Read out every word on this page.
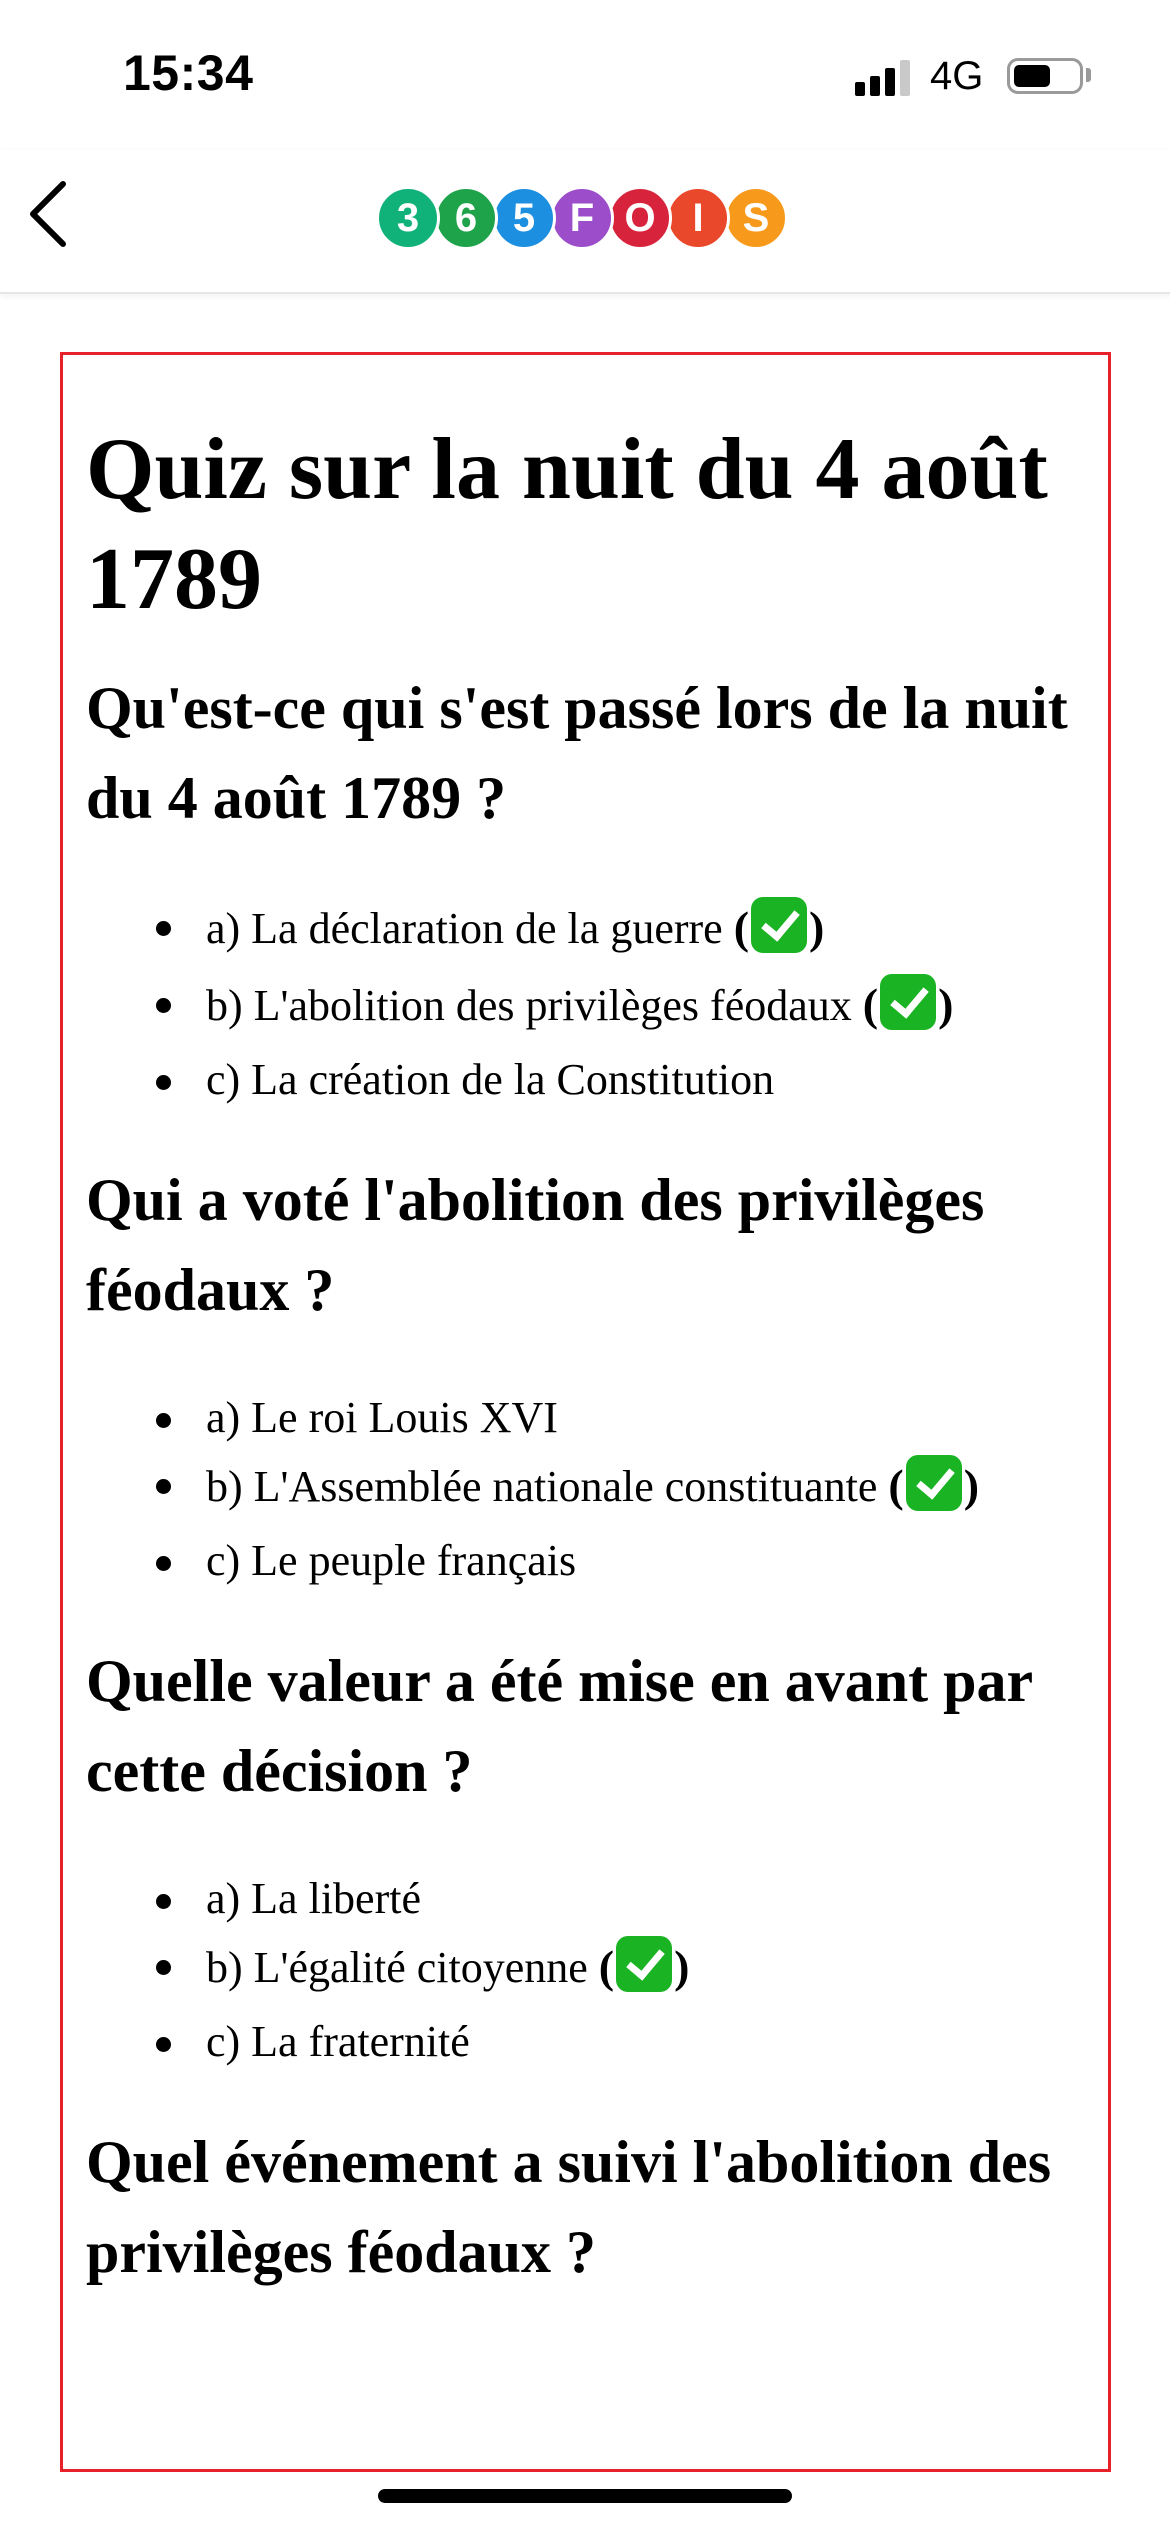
15:34	4G
3 6 5 F O I S
Quiz sur la nuit du 4 août 1789
Qu'est-ce qui s'est passé lors de la nuit du 4 août 1789 ?
a) La déclaration de la guerre ( )
b) L'abolition des privilèges féodaux ( )
c) La création de la Constitution
Qui a voté l'abolition des privilèges féodaux ?
a) Le roi Louis XVI
b) L'Assemblée nationale constituante ( )
c) Le peuple français
Quelle valeur a été mise en avant par cette décision ?
a) La liberté
b) L'égalité citoyenne ( )
c) La fraternité
Quel événement a suivi l'abolition des privilèges féodaux ?
